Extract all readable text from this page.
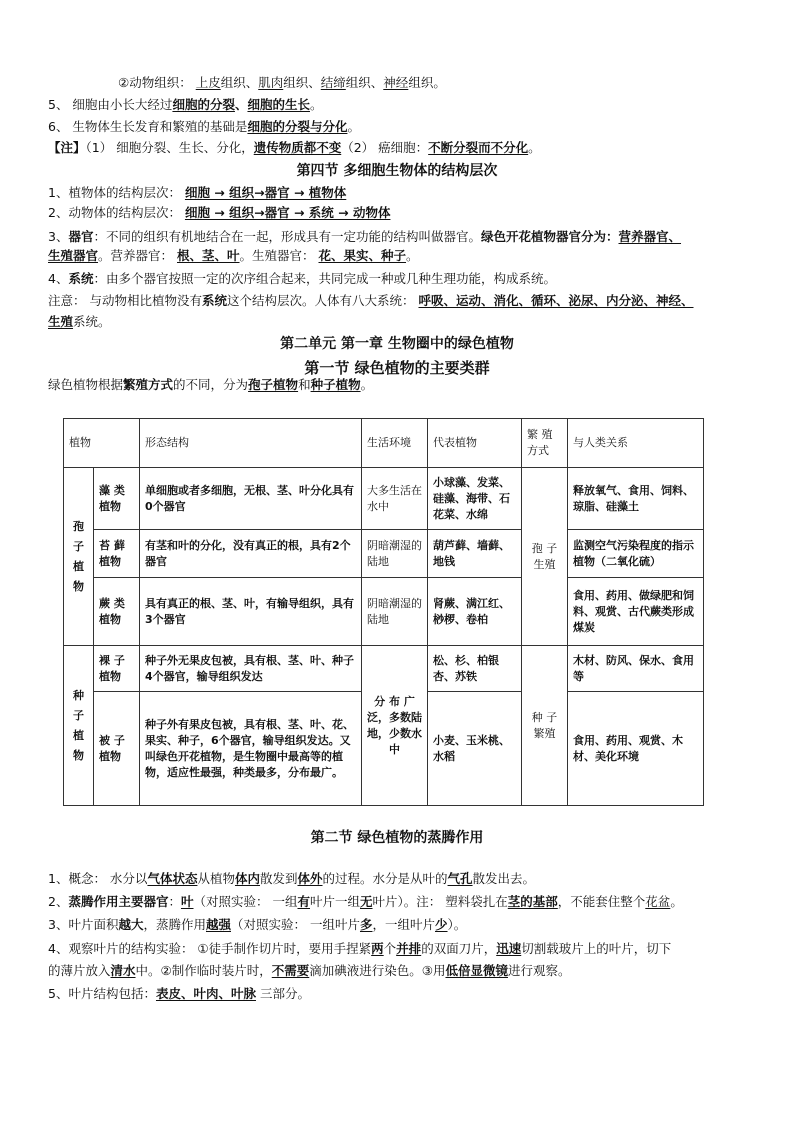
②动物组织： 上皮组织、肌肉组织、结缔组织、神经组织。
5、 细胞由小长大经过细胞的分裂、细胞的生长。
6、 生物体生长发育和繁殖的基础是细胞的分裂与分化。
【注】（1） 细胞分裂、生长、分化，遗传物质都不变（2） 癌细胞：不断分裂而不分化。
第四节 多细胞生物体的结构层次
1、植物体的结构层次： 细胞 → 组织→器官 → 植物体
2、动物体的结构层次： 细胞 → 组织→器官 → 系统 → 动物体
3、器官：不同的组织有机地结合在一起，形成具有一定功能的结构叫做器官。绿色开花植物器官分为：营养器官、
生殖器官。营养器官： 根、茎、叶。生殖器官： 花、果实、种子。
4、系统：由多个器官按照一定的次序组合起来，共同完成一种或几种生理功能，构成系统。
注意： 与动物相比植物没有系统这个结构层次。人体有八大系统： 呼吸、运动、消化、循环、泌尿、内分泌、神经、
生殖系统。
第二单元 第一章 生物圈中的绿色植物
第一节 绿色植物的主要类群
绿色植物根据繁殖方式的不同，分为孢子植物和种子植物。
植物		形态结构	生活环境	代表植物	繁 殖 方式	与人类关系
孢子植物	藻 类 植物	单细胞或者多细胞，无根、茎、叶分化具有0个器官	大多生活在水中	小球藻、发菜、硅藻、海带、石花菜、水绵	孢 子 生殖	释放氧气、食用、饲料、琼脂、硅藻土
	苔 藓 植物	有茎和叶的分化，没有真正的根，具有2个器官	阴暗潮湿的陆地	葫芦藓、墙藓、地钱		监测空气污染程度的指示植物（二氧化硫）
	蕨 类 植物	具有真正的根、茎、叶，有输导组织，具有3个器官	阴暗潮湿的陆地	肾蕨、满江红、桫椤、卷柏		食用、药用、做绿肥和饲料、观赏、古代蕨类形成煤炭
种子植物	裸 子 植物	种子外无果皮包被，具有根、茎、叶、种子4个器官，输导组织发达	分 布 广 泛，多数陆地，少数水中	松、杉、柏银杏、苏铁	种 子 繁殖	木材、防风、保水、食用等
	被 子 植物	种子外有果皮包被，具有根、茎、叶、花、果实、种子，6个器官，输导组织发达。又叫绿色开花植物，是生物圈中最高等的植物，适应性最强，种类最多，分布最广。		小麦、玉米桃、水稻		食用、药用、观赏、木材、美化环境
第二节 绿色植物的蒸腾作用
1、概念： 水分以气体状态从植物体内散发到体外的过程。水分是从叶的气孔散发出去。
2、蒸腾作用主要器官：叶（对照实验： 一组有叶片一组无叶片）。注： 塑料袋扎在茎的基部，不能套住整个花盆。
3、叶片面积越大，蒸腾作用越强（对照实验： 一组叶片多，一组叶片少）。
4、观察叶片的结构实验： ①徒手制作切片时，要用手捏紧两个并排的双面刀片，迅速切割载玻片上的叶片，切下
的薄片放入清水中。②制作临时装片时，不需要滴加碘液进行染色。③用低倍显微镜进行观察。
5、叶片结构包括：表皮、叶肉、叶脉 三部分。
